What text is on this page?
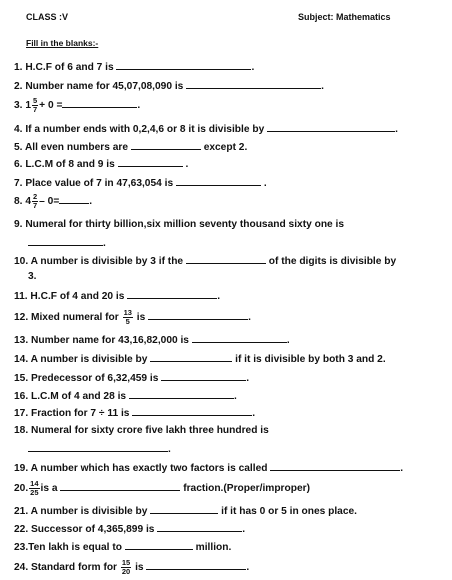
CLASS :V	Subject: Mathematics
Fill in the blanks:-
1. H.C.F of 6 and 7 is	.
2. Number name for 45,07,08,090 is	.
3. $1 \frac{5}{7} + 0$ =	.
4. If a number ends with 0,2,4,6 or 8 it is divisible by	.
5. All even numbers are	except 2.
6. L.C.M of 8 and 9 is	.
7. Place value of 7 in 47,63,054 is	.
8. $4 \frac{2}{7} - 0=$	.
9. Numeral for thirty billion,six million seventy thousand sixty one is
.
10. A number is divisible by 3 if the	of the digits is divisible by
3.
11. H.C.F of 4 and 20 is	.
12. Mixed numeral for $\frac{13}{5}$ is	.
13. Number name for 43,16,82,000 is	.
14. A number is divisible by	if it is divisible by both 3 and 2.
15. Predecessor of 6,32,459 is	.
16. L.C.M of 4 and 28 is	.
17. Fraction for 7 ÷ 11 is	.
18. Numeral for sixty crore five lakh three hundred is
.
19. A number which has exactly two factors is called	.
20. $\frac{14}{25}$ is a	fraction.(Proper/improper)
21. A number is divisible by	if it has 0 or 5 in ones place.
22. Successor of 4,365,899 is	.
23.Ten lakh is equal to	million.
24. Standard form for $\frac{15}{20}$ is	.
